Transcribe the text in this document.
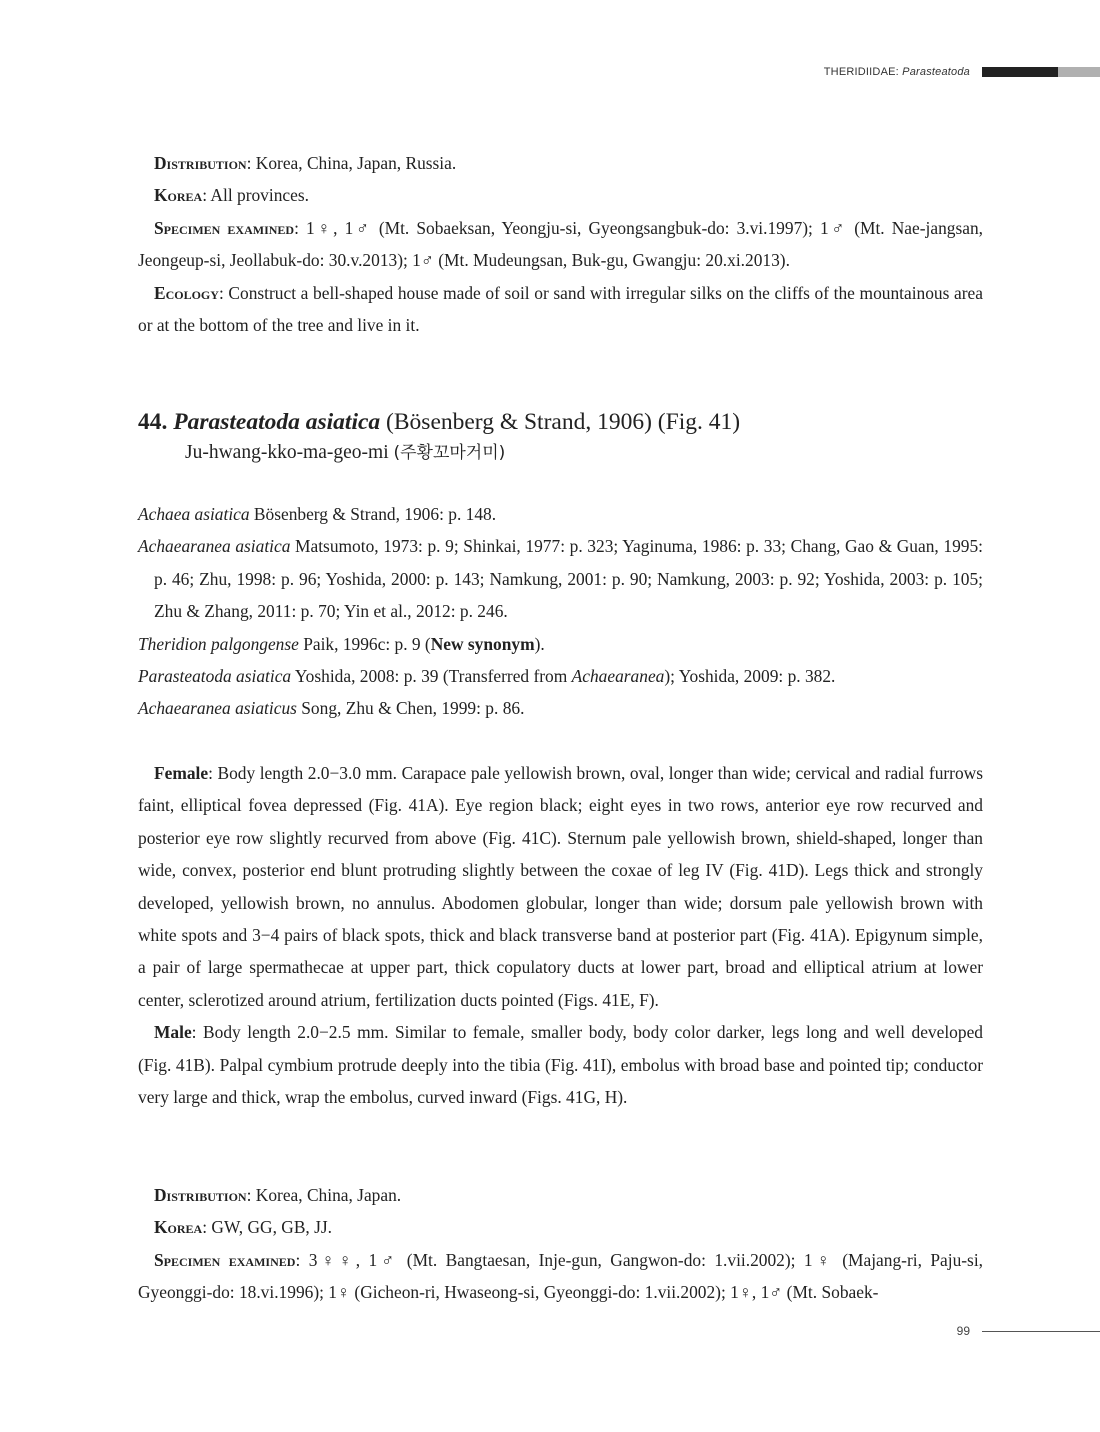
THERIDIIDAE: Parasteatoda

Distribution: Korea, China, Japan, Russia.

Korea: All provinces.

Specimen examined: 1♀, 1♂ (Mt. Sobaeksan, Yeongju-si, Gyeongsangbuk-do: 3.vi.1997); 1♂ (Mt. Nae-jangsan, Jeongeup-si, Jeollabuk-do: 30.v.2013); 1♂ (Mt. Mudeungsan, Buk-gu, Gwangju: 20.xi.2013).

Ecology: Construct a bell-shaped house made of soil or sand with irregular silks on the cliffs of the mountainous area or at the bottom of the tree and live in it.

44. Parasteatoda asiatica (Bösenberg & Strand, 1906) (Fig. 41)

Ju-hwang-kko-ma-geo-mi (주황꼬마거미)

Achaea asiatica Bösenberg & Strand, 1906: p. 148.

Achaearanea asiatica Matsumoto, 1973: p. 9; Shinkai, 1977: p. 323; Yaginuma, 1986: p. 33; Chang, Gao & Guan, 1995: p. 46; Zhu, 1998: p. 96; Yoshida, 2000: p. 143; Namkung, 2001: p. 90; Namkung, 2003: p. 92; Yoshida, 2003: p. 105; Zhu & Zhang, 2011: p. 70; Yin et al., 2012: p. 246.

Theridion palgongense Paik, 1996c: p. 9 (New synonym).

Parasteatoda asiatica Yoshida, 2008: p. 39 (Transferred from Achaearanea); Yoshida, 2009: p. 382.

Achaearanea asiaticus Song, Zhu & Chen, 1999: p. 86.

Female: Body length 2.0−3.0 mm. Carapace pale yellowish brown, oval, longer than wide; cervical and radial furrows faint, elliptical fovea depressed (Fig. 41A). Eye region black; eight eyes in two rows, anterior eye row recurved and posterior eye row slightly recurved from above (Fig. 41C). Sternum pale yellowish brown, shield-shaped, longer than wide, convex, posterior end blunt protruding slightly between the coxae of leg IV (Fig. 41D). Legs thick and strongly developed, yellowish brown, no annulus. Abodomen globular, longer than wide; dorsum pale yellowish brown with white spots and 3−4 pairs of black spots, thick and black transverse band at posterior part (Fig. 41A). Epigynum simple, a pair of large spermathecae at upper part, thick copulatory ducts at lower part, broad and elliptical atrium at lower center, sclerotized around atrium, fertilization ducts pointed (Figs. 41E, F).

Male: Body length 2.0−2.5 mm. Similar to female, smaller body, body color darker, legs long and well developed (Fig. 41B). Palpal cymbium protrude deeply into the tibia (Fig. 41I), embolus with broad base and pointed tip; conductor very large and thick, wrap the embolus, curved inward (Figs. 41G, H).

Distribution: Korea, China, Japan.

Korea: GW, GG, GB, JJ.

Specimen examined: 3♀♀, 1♂ (Mt. Bangtaesan, Inje-gun, Gangwon-do: 1.vii.2002); 1♀ (Majang-ri, Paju-si, Gyeonggi-do: 18.vi.1996); 1♀ (Gicheon-ri, Hwaseong-si, Gyeonggi-do: 1.vii.2002); 1♀, 1♂ (Mt. Sobaek-

99
